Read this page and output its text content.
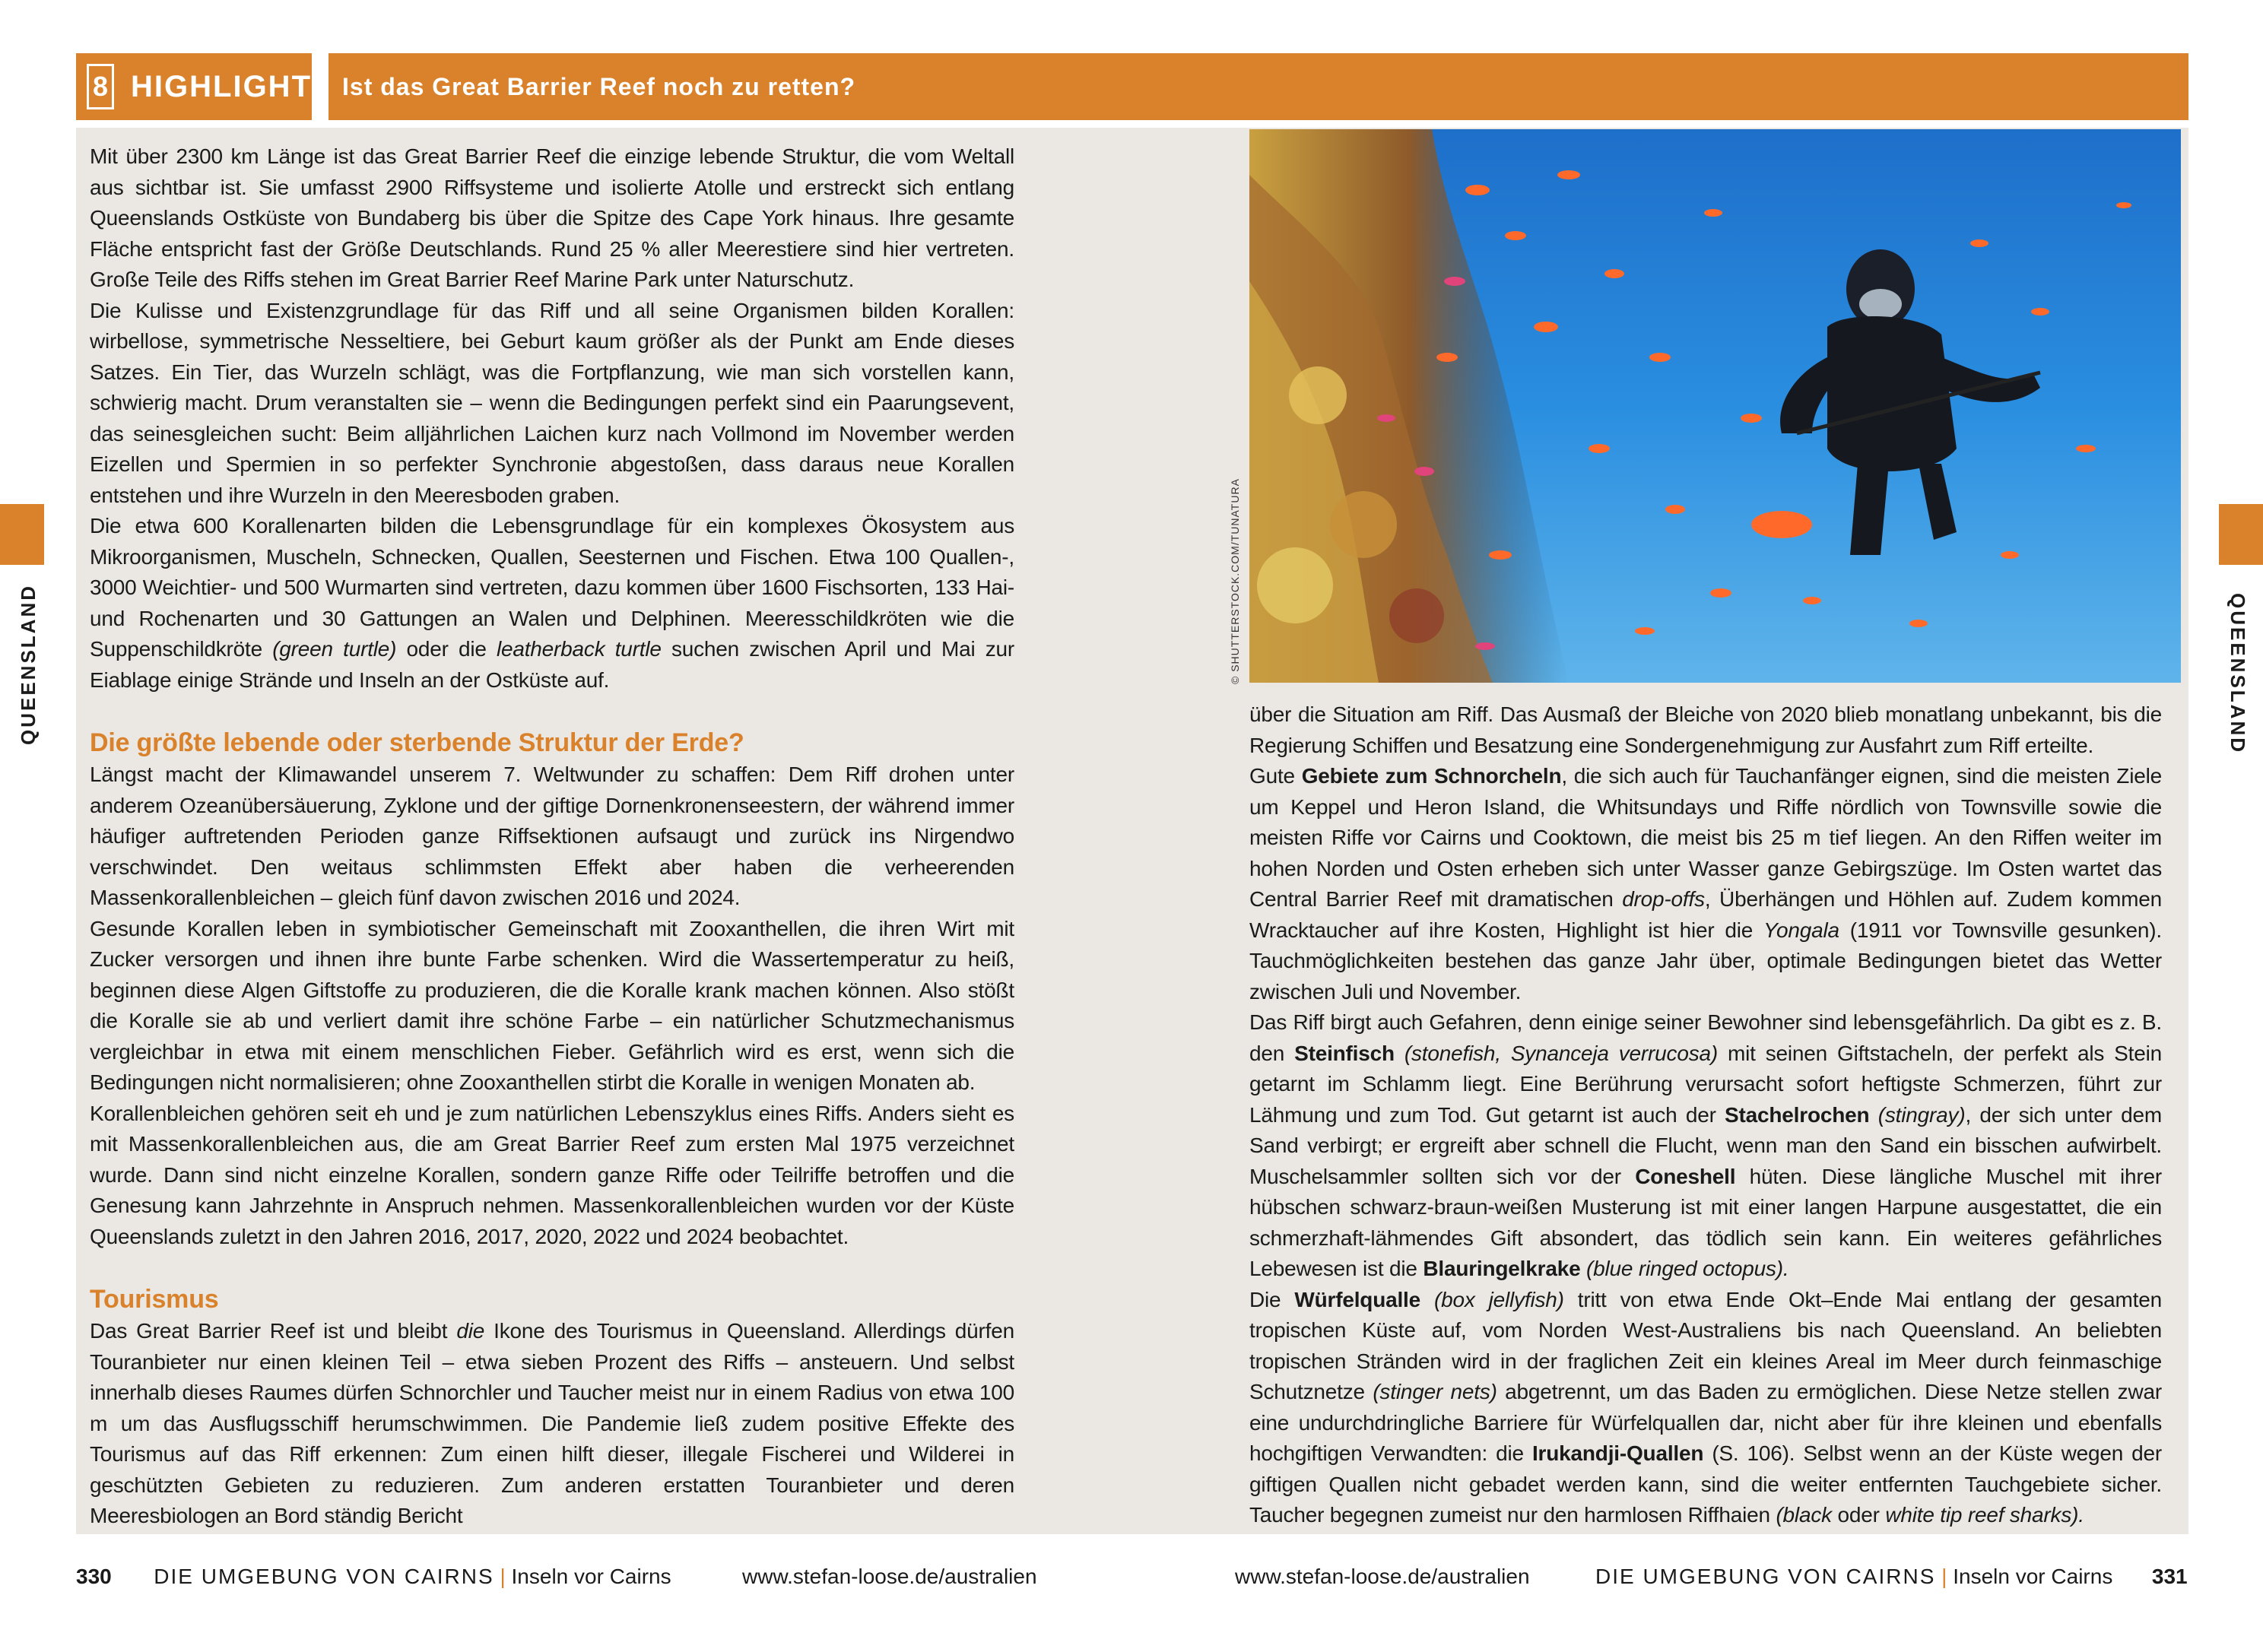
8 HIGHLIGHT Ist das Great Barrier Reef noch zu retten?
QUEENSLAND

Mit über 2300 km Länge ist das Great Barrier Reef die einzige lebende Struktur, die vom Weltall aus sichtbar ist. Sie umfasst 2900 Riffsysteme und isolierte Atolle und erstreckt sich entlang Queenslands Ostküste von Bundaberg bis über die Spitze des Cape York hinaus. Ihre gesamte Fläche entspricht fast der Größe Deutschlands. Rund 25 % aller Meerestiere sind hier vertreten. Große Teile des Riffs stehen im Great Barrier Reef Marine Park unter Naturschutz.

Die Kulisse und Existenzgrundlage für das Riff und all seine Organismen bilden Korallen: wirbellose, symmetrische Nesseltiere, bei Geburt kaum größer als der Punkt am Ende dieses Satzes. Ein Tier, das Wurzeln schlägt, was die Fortpflanzung, wie man sich vorstellen kann, schwierig macht. Drum veranstalten sie – wenn die Bedingungen perfekt sind ein Paarungsevent, das seinesgleichen sucht: Beim alljährlichen Laichen kurz nach Vollmond im November werden Eizellen und Spermien in so perfekter Synchronie abgestoßen, dass daraus neue Korallen entstehen und ihre Wurzeln in den Meeresboden graben.

Die etwa 600 Korallenarten bilden die Lebensgrundlage für ein komplexes Ökosystem aus Mikroorganismen, Muscheln, Schnecken, Quallen, Seesternen und Fischen. Etwa 100 Quallen-, 3000 Weichtier- und 500 Wurmarten sind vertreten, dazu kommen über 1600 Fischsorten, 133 Hai- und Rochenarten und 30 Gattungen an Walen und Delphinen. Meeresschildkröten wie die Suppenschildkröte (green turtle) oder die leatherback turtle suchen zwischen April und Mai zur Eiablage einige Strände und Inseln an der Ostküste auf.

Die größte lebende oder sterbende Struktur der Erde?

Längst macht der Klimawandel unserem 7. Weltwunder zu schaffen: Dem Riff drohen unter anderem Ozeanübersäuerung, Zyklone und der giftige Dornenkronenseestern, der während immer häufiger auftretenden Perioden ganze Riffsektionen aufsaugt und zurück ins Nirgendwo verschwindet. Den weitaus schlimmsten Effekt aber haben die verheerenden Massenkorallenbleichen – gleich fünf davon zwischen 2016 und 2024.

Gesunde Korallen leben in symbiotischer Gemeinschaft mit Zooxanthellen, die ihren Wirt mit Zucker versorgen und ihnen ihre bunte Farbe schenken. Wird die Wassertemperatur zu heiß, beginnen diese Algen Giftstoffe zu produzieren, die die Koralle krank machen können. Also stößt die Koralle sie ab und verliert damit ihre schöne Farbe – ein natürlicher Schutzmechanismus vergleichbar in etwa mit einem menschlichen Fieber. Gefährlich wird es erst, wenn sich die Bedingungen nicht normalisieren; ohne Zooxanthellen stirbt die Koralle in wenigen Monaten ab.

Korallenbleichen gehören seit eh und je zum natürlichen Lebenszyklus eines Riffs. Anders sieht es mit Massenkorallenbleichen aus, die am Great Barrier Reef zum ersten Mal 1975 verzeichnet wurde. Dann sind nicht einzelne Korallen, sondern ganze Riffe oder Teilriffe betroffen und die Genesung kann Jahrzehnte in Anspruch nehmen. Massenkorallenbleichen wurden vor der Küste Queenslands zuletzt in den Jahren 2016, 2017, 2020, 2022 und 2024 beobachtet.

Tourismus

Das Great Barrier Reef ist und bleibt die Ikone des Tourismus in Queensland. Allerdings dürfen Touranbieter nur einen kleinen Teil – etwa sieben Prozent des Riffs – ansteuern. Und selbst innerhalb dieses Raumes dürfen Schnorchler und Taucher meist nur in einem Radius von etwa 100 m um das Ausflugsschiff herumschwimmen. Die Pandemie ließ zudem positive Effekte des Tourismus auf das Riff erkennen: Zum einen hilft dieser, illegale Fischerei und Wilderei in geschützten Gebieten zu reduzieren. Zum anderen erstatten Touranbieter und deren Meeresbiologen an Bord ständig Bericht

330 DIE UMGEBUNG VON CAIRNS | Inseln vor Cairns	www.stefan-loose.de/australien
QUEENSLAND
© SHUTTERSTOCK.COM/TUNATURA

über die Situation am Riff. Das Ausmaß der Bleiche von 2020 blieb monatlang unbekannt, bis die Regierung Schiffen und Besatzung eine Sondergenehmigung zur Ausfahrt zum Riff erteilte.

Gute Gebiete zum Schnorcheln, die sich auch für Tauchanfänger eignen, sind die meisten Ziele um Keppel und Heron Island, die Whitsundays und Riffe nördlich von Townsville sowie die meisten Riffe vor Cairns und Cooktown, die meist bis 25 m tief liegen. An den Riffen weiter im hohen Norden und Osten erheben sich unter Wasser ganze Gebirgszüge. Im Osten wartet das Central Barrier Reef mit dramatischen drop-offs, Überhängen und Höhlen auf. Zudem kommen Wracktaucher auf ihre Kosten, Highlight ist hier die Yongala (1911 vor Townsville gesunken). Tauchmöglichkeiten bestehen das ganze Jahr über, optimale Bedingungen bietet das Wetter zwischen Juli und November.

Das Riff birgt auch Gefahren, denn einige seiner Bewohner sind lebensgefährlich. Da gibt es z. B. den Steinfisch (stonefish, Synanceja verrucosa) mit seinen Giftstacheln, der perfekt als Stein getarnt im Schlamm liegt. Eine Berührung verursacht sofort heftigste Schmerzen, führt zur Lähmung und zum Tod. Gut getarnt ist auch der Stachelrochen (stingray), der sich unter dem Sand verbirgt; er ergreift aber schnell die Flucht, wenn man den Sand ein bisschen aufwirbelt. Muschelsammler sollten sich vor der Coneshell hüten. Diese längliche Muschel mit ihrer hübschen schwarz-braun-weißen Musterung ist mit einer langen Harpune ausgestattet, die ein schmerzhaft-lähmendes Gift absondert, das tödlich sein kann. Ein weiteres gefährliches Lebewesen ist die Blauringelkrake (blue ringed octopus).

Die Würfelqualle (box jellyfish) tritt von etwa Ende Okt–Ende Mai entlang der gesamten tropischen Küste auf, vom Norden West-Australiens bis nach Queensland. An beliebten tropischen Stränden wird in der fraglichen Zeit ein kleines Areal im Meer durch feinmaschige Schutznetze (stinger nets) abgetrennt, um das Baden zu ermöglichen. Diese Netze stellen zwar eine undurchdringliche Barriere für Würfelquallen dar, nicht aber für ihre kleinen und ebenfalls hochgiftigen Verwandten: die Irukandji-Quallen (S. 106). Selbst wenn an der Küste wegen der giftigen Quallen nicht gebadet werden kann, sind die weiter entfernten Tauchgebiete sicher. Taucher begegnen zumeist nur den harmlosen Riffhaien (black oder white tip reef sharks).

www.stefan-loose.de/australien	DIE UMGEBUNG VON CAIRNS | Inseln vor Cairns 331
